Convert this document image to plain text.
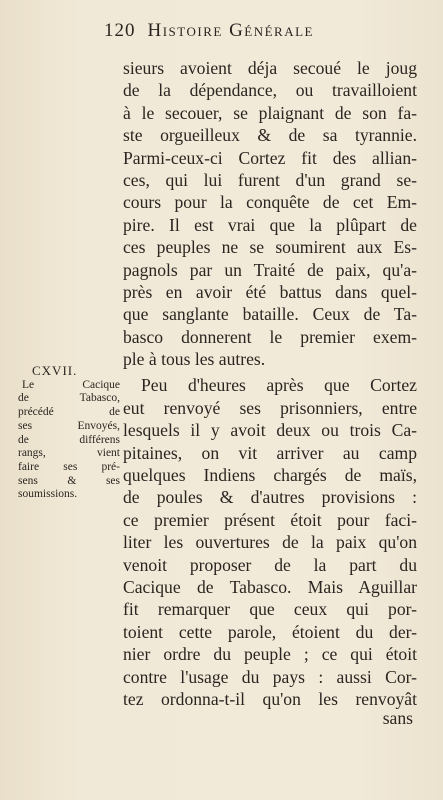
120 Histoire Générale
sieurs avoient déja secoué le joug
de la dépendance, ou travailloient
à le secouer, se plaignant de son fa-
ste orgueilleux & de sa tyrannie.
Parmi-ceux-ci Cortez fit des allian-
ces, qui lui furent d'un grand se-
cours pour la conquête de cet Em-
pire. Il est vrai que la plûpart de
ces peuples ne se soumirent aux Es-
pagnols par un Traité de paix, qu'a-
près en avoir été battus dans quel-
que sanglante bataille. Ceux de Ta-
basco donnerent le premier exem-
ple à tous les autres.
Peu d'heures après que Cortez
eut renvoyé ses prisonniers, entre
lesquels il y avoit deux ou trois Ca-
pitaines, on vit arriver au camp
quelques Indiens chargés de maïs,
de poules & d'autres provisions :
ce premier présent étoit pour faci-
liter les ouvertures de la paix qu'on
venoit proposer de la part du
Cacique de Tabasco. Mais Aguillar
fit remarquer que ceux qui por-
toient cette parole, étoient du der-
nier ordre du peuple ; ce qui étoit
contre l'usage du pays : aussi Cor-
tez ordonna-t-il qu'on les renvoyât
CXVII.
Le Cacique
de Tabasco,
précédé de
ses Envoyés,
de différens
rangs, vient
faire ses pré-
sens & ses
soumissions.
sans
